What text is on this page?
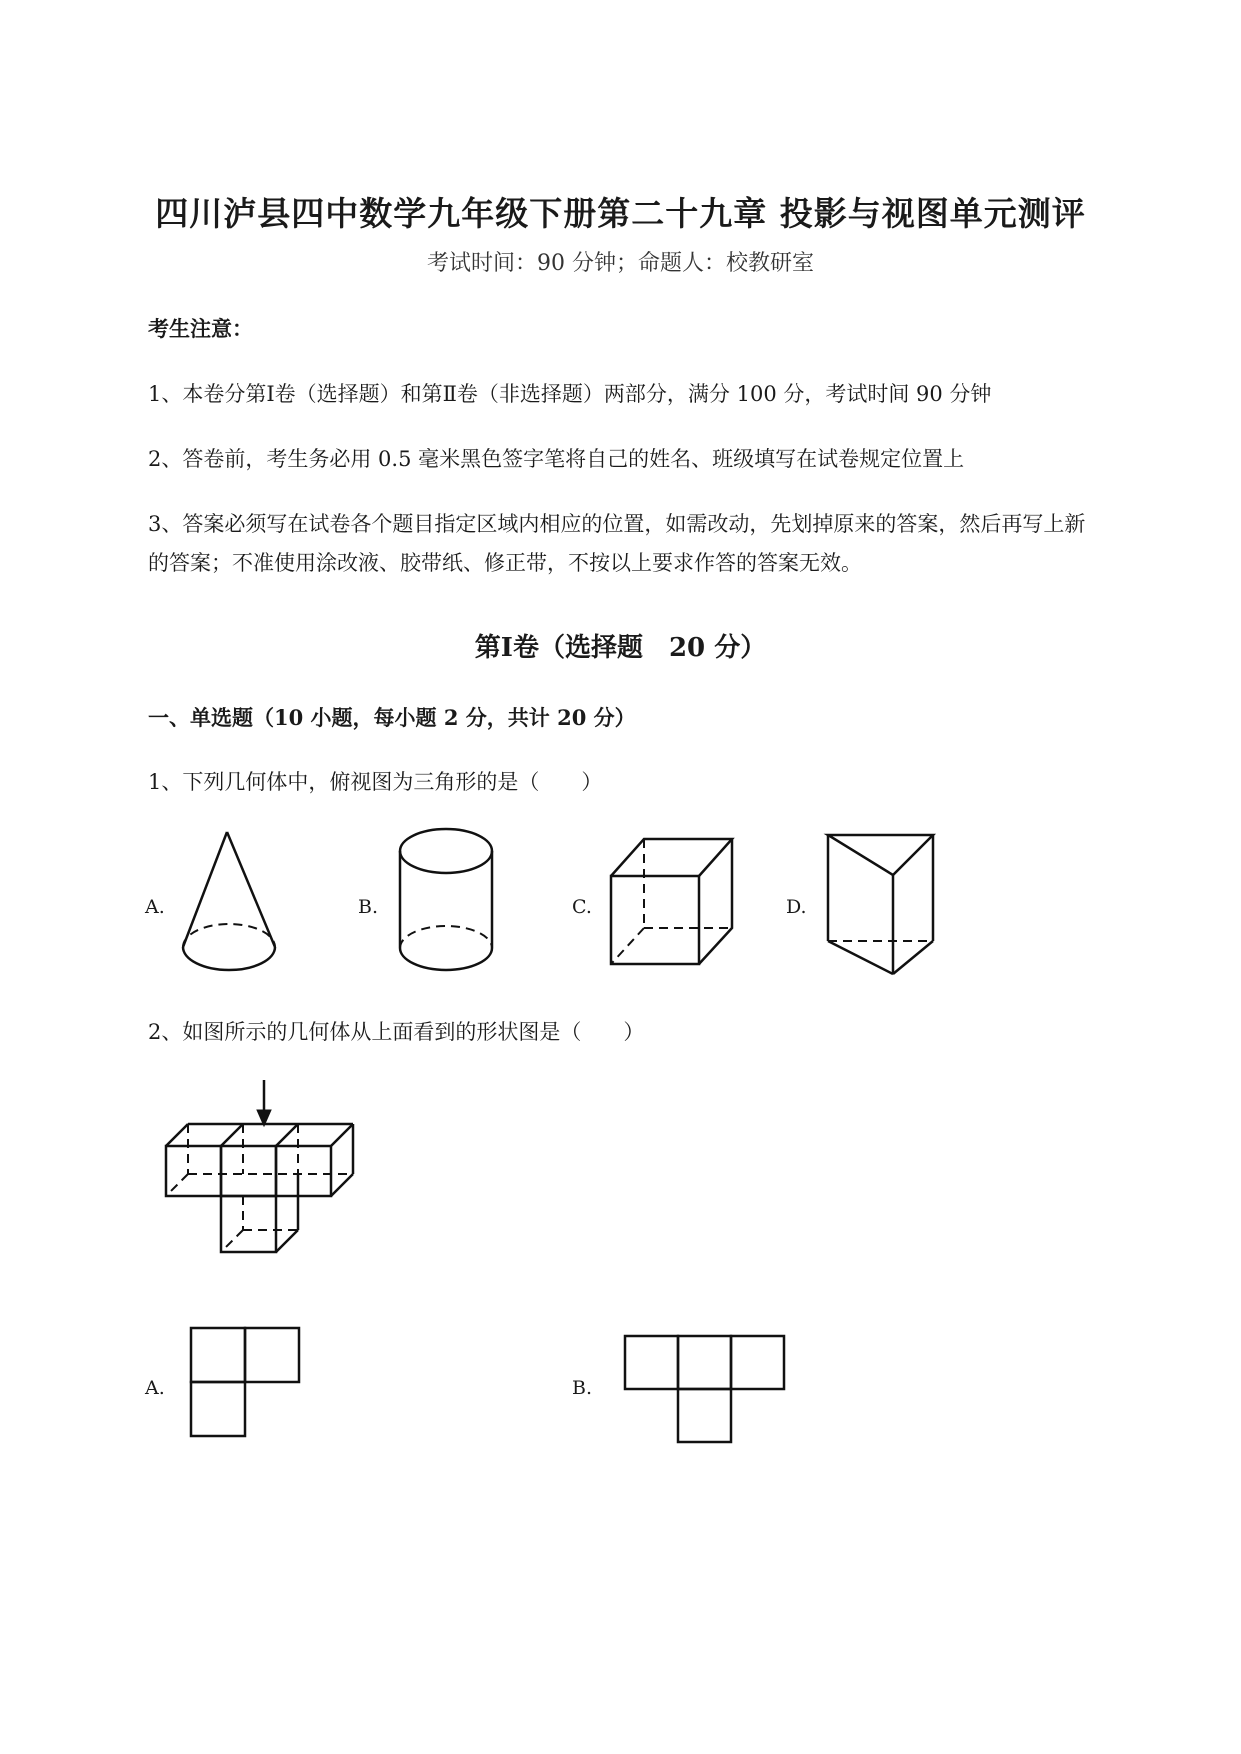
四川泸县四中数学九年级下册第二十九章 投影与视图单元测评
考试时间：90 分钟；命题人：校教研室
考生注意：
1、本卷分第Ⅰ卷（选择题）和第Ⅱ卷（非选择题）两部分，满分 100 分，考试时间 90 分钟
2、答卷前，考生务必用 0.5 毫米黑色签字笔将自己的姓名、班级填写在试卷规定位置上
3、答案必须写在试卷各个题目指定区域内相应的位置，如需改动，先划掉原来的答案，然后再写上新
的答案；不准使用涂改液、胶带纸、修正带，不按以上要求作答的答案无效。
第Ⅰ卷（选择题　20 分）
一、单选题（10 小题，每小题 2 分，共计 20 分）
1、下列几何体中，俯视图为三角形的是（　　）
A.	B.	C.	D.
2、如图所示的几何体从上面看到的形状图是（　　）
A.	B.
